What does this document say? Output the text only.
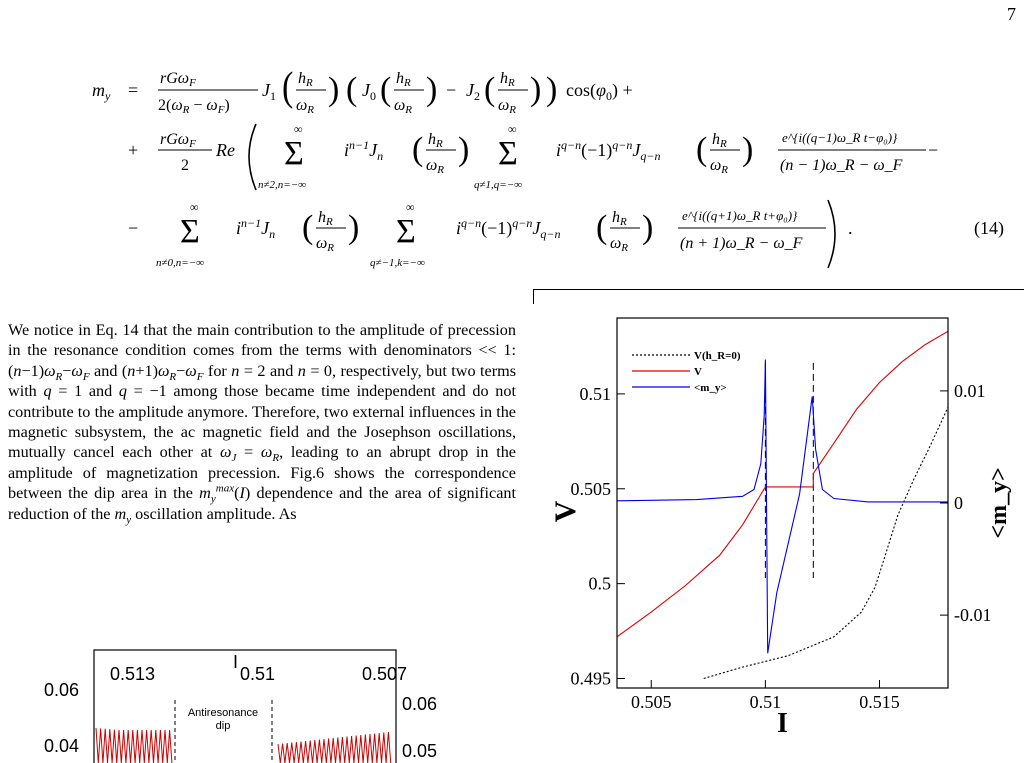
7
$m_y$ =
rGωF
2(ωR − ωF)
$J_1$ ( hR
ωR
) ( $J_0$ ( hR
ωR
) − $J_2$ ( hR
ωR
) ) $\cos(\varphi_0)$ +
+
rGωF
2
Re
∞
Σ
n≠2,n=−∞
$i^{n-1}J_n$ ( hR
ωR
)
∞
Σ
q≠1,q=−∞
$i^{q-n}(-1)^{q-n}J_{q-n}$ ( hR
ωR
) e^{i((q−1)ω_R t−φ₀)}
(n − 1)ω_R − ω_F
−
−
∞
Σ
n≠0,n=−∞
$i^{n-1}J_n$ ( hR
ωR
)
∞
Σ
q≠−1,k=−∞
$i^{q-n}(-1)^{q-n}J_{q-n}$ ( hR
ωR
) e^{i((q+1)ω_R t+φ₀)}
(n + 1)ω_R − ω_F
.	(14)

We notice in Eq. 14 that the main contribution to the amplitude of precession in the resonance condition comes from the terms with denominators << 1: $(n-1)\omega_R-\omega_F$ and $(n+1)\omega_R-\omega_F$ for n = 2 and n = 0, respectively, but two terms with q = 1 and q = −1 among those became time independent and do not contribute to the amplitude anymore. Therefore, two external influences in the magnetic subsystem, the ac magnetic field and the Josephson oscillations, mutually cancel each other at $\omega_J = \omega_R$, leading to an abrupt drop in the amplitude of magnetization precession. Fig.6 shows the correspondence between the dip area in the $m_y^{max}(I)$ dependence and the area of significant reduction of the $m_y$ oscillation amplitude. As

I
0.513	0.51	0.507
0.06
0.04
0.06
0.05
Antiresonance
dip
0.505	0.51	0.515
0.495
0.5
0.505
0.51
-0.01
0
0.01
I
V	<m_y>
V(h_R=0)
V
<m_y>
